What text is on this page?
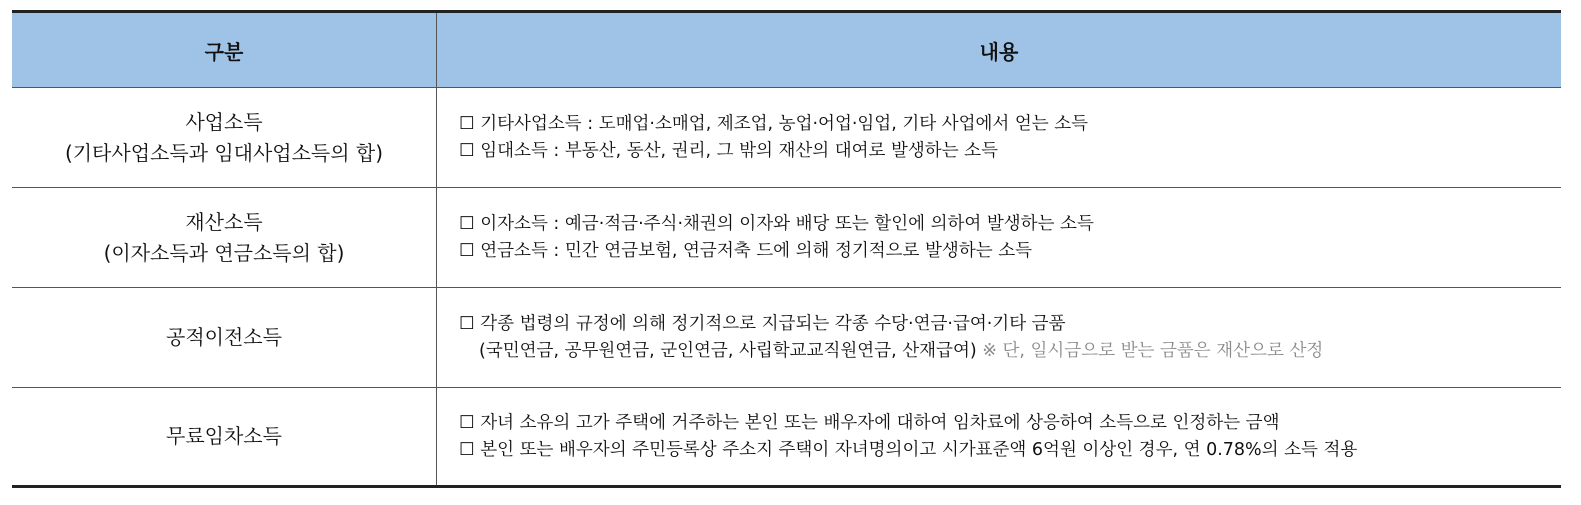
구분	내용
사업소득
(기타사업소득과 임대사업소득의 합)
☐ 기타사업소득 : 도매업·소매업, 제조업, 농업·어업·임업, 기타 사업에서 얻는 소득
☐ 임대소득 : 부동산, 동산, 권리, 그 밖의 재산의 대여로 발생하는 소득
재산소득
(이자소득과 연금소득의 합)
☐ 이자소득 : 예금·적금·주식·채권의 이자와 배당 또는 할인에 의하여 발생하는 소득
☐ 연금소득 : 민간 연금보험, 연금저축 드에 의해 정기적으로 발생하는 소득
공적이전소득
☐ 각종 법령의 규정에 의해 정기적으로 지급되는 각종 수당·연금·급여·기타 금품
(국민연금, 공무원연금, 군인연금, 사립학교교직원연금, 산재급여) ※ 단, 일시금으로 받는 금품은 재산으로 산정
무료임차소득
☐ 자녀 소유의 고가 주택에 거주하는 본인 또는 배우자에 대하여 임차료에 상응하여 소득으로 인정하는 금액
☐ 본인 또는 배우자의 주민등록상 주소지 주택이 자녀명의이고 시가표준액 6억원 이상인 경우, 연 0.78%의 소득 적용
